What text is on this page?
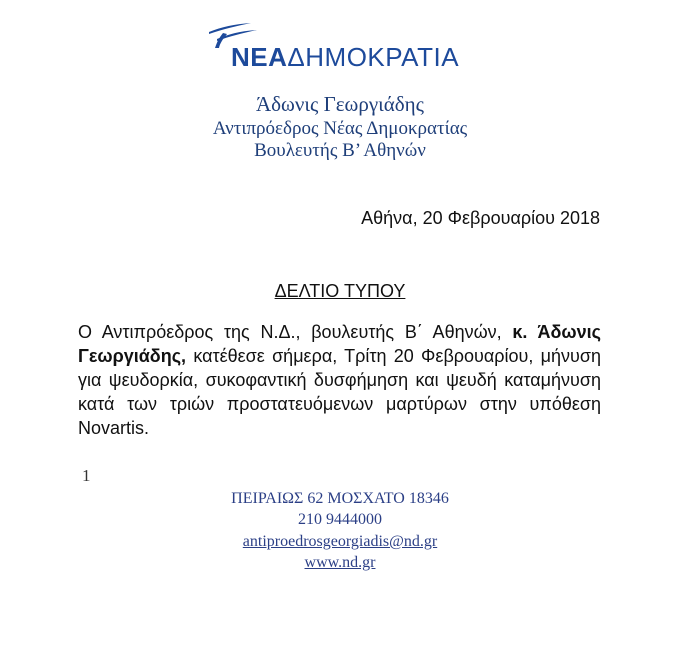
ΝΕΑΔΗΜΟΚΡΑΤΙΑ
Άδωνις Γεωργιάδης
Αντιπρόεδρος Νέας Δημοκρατίας
Βουλευτής Β’ Αθηνών
Αθήνα, 20 Φεβρουαρίου 2018
ΔΕΛΤΙΟ ΤΥΠΟΥ
Ο Αντιπρόεδρος της Ν.Δ., βουλευτής Β΄ Αθηνών, κ. Άδωνις Γεωργιάδης, κατέθεσε σήμερα, Τρίτη 20 Φεβρουαρίου, μήνυση για ψευδορκία, συκοφαντική δυσφήμηση και ψευδή καταμήνυση κατά των τριών προστατευόμενων μαρτύρων στην υπόθεση Novartis.
1
ΠΕΙΡΑΙΩΣ 62 ΜΟΣΧΑΤΟ 18346
210 9444000
antiproedrosgeorgiadis@nd.gr
www.nd.gr
